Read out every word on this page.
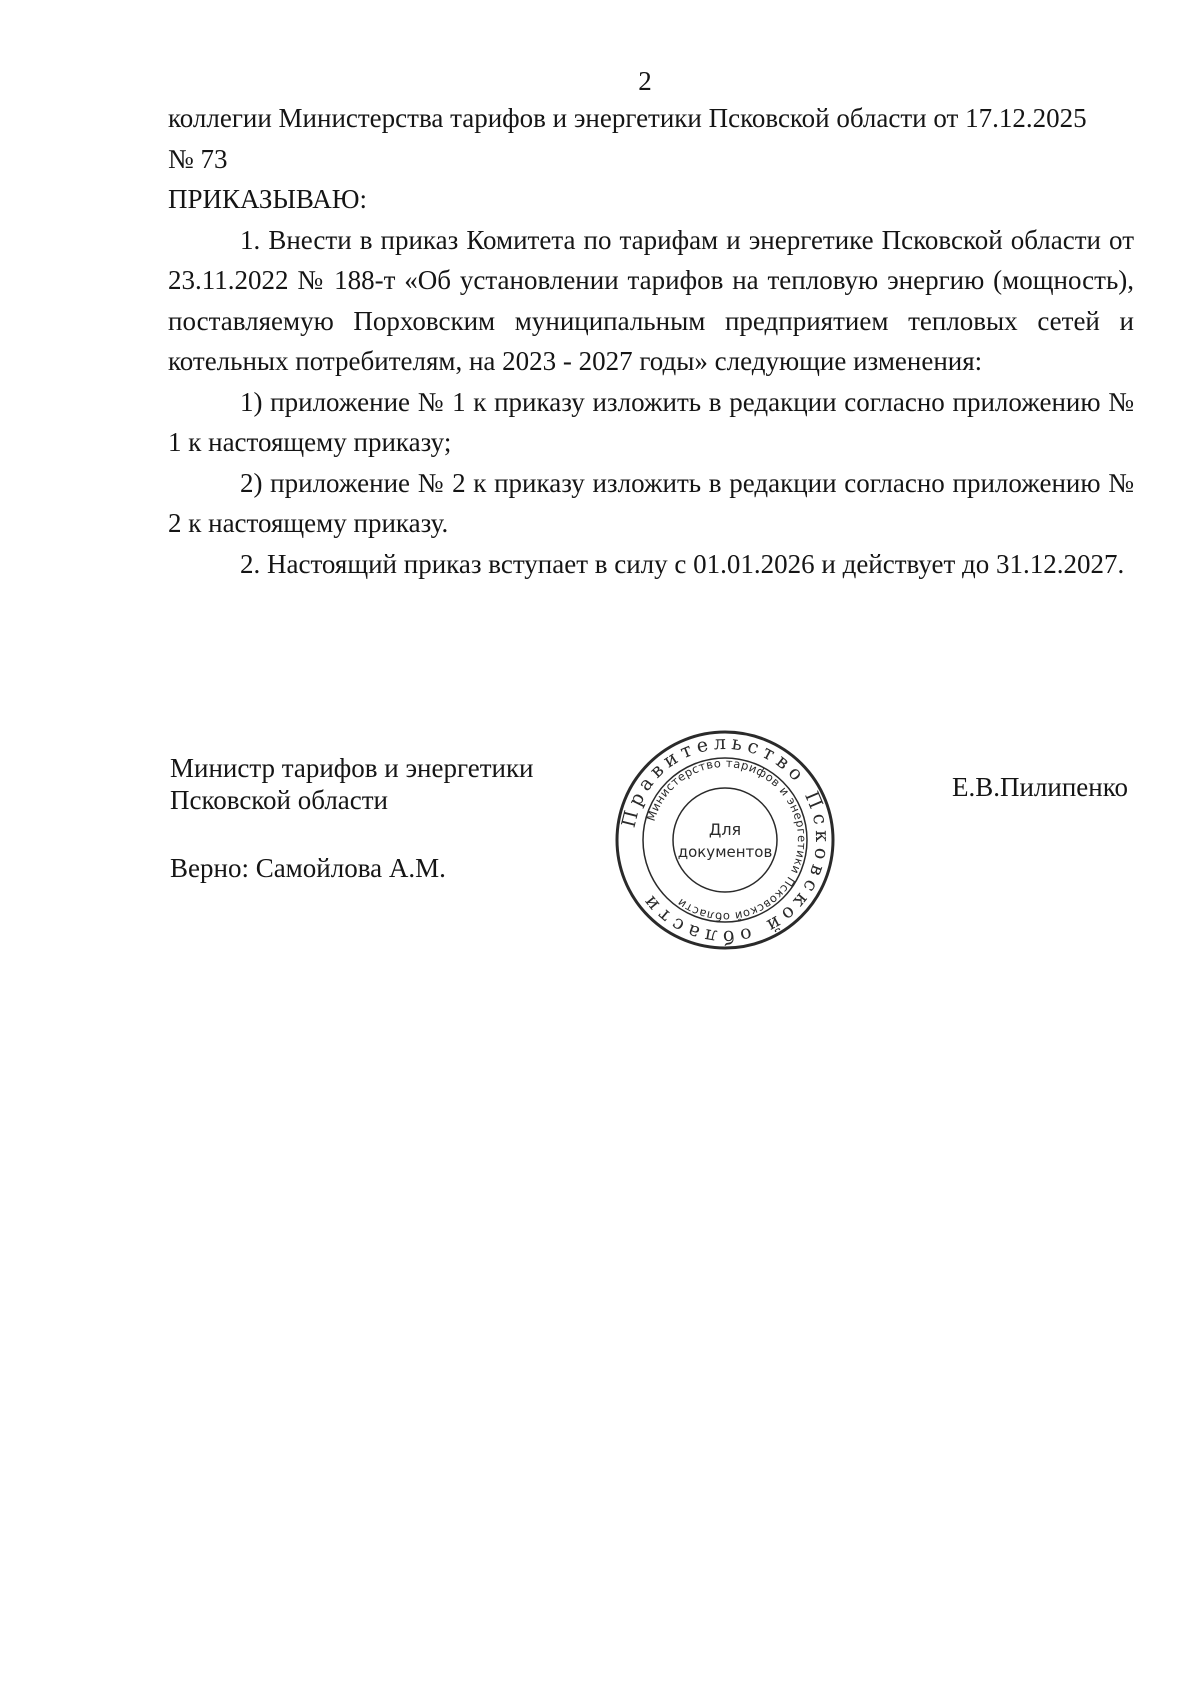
2

коллегии Министерства тарифов и энергетики Псковской области от 17.12.2025

№ 73

ПРИКАЗЫВАЮ:

1. Внести в приказ Комитета по тарифам и энергетике Псковской области от 23.11.2022 № 188-т «Об установлении тарифов на тепловую энергию (мощность), поставляемую Порховским муниципальным предприятием тепловых сетей и котельных потребителям, на 2023 - 2027 годы» следующие изменения:

1) приложение № 1 к приказу изложить в редакции согласно приложению № 1 к настоящему приказу;

2) приложение № 2 к приказу изложить в редакции согласно приложению № 2 к настоящему приказу.

2. Настоящий приказ вступает в силу с 01.01.2026 и действует до 31.12.2027.

Министр тарифов и энергетики
Псковской области	Е.В.Пилипенко
Верно: Самойлова А.М.
Правительство Псковской области
Министерство тарифов и энергетики Псковской области
Для
документов
